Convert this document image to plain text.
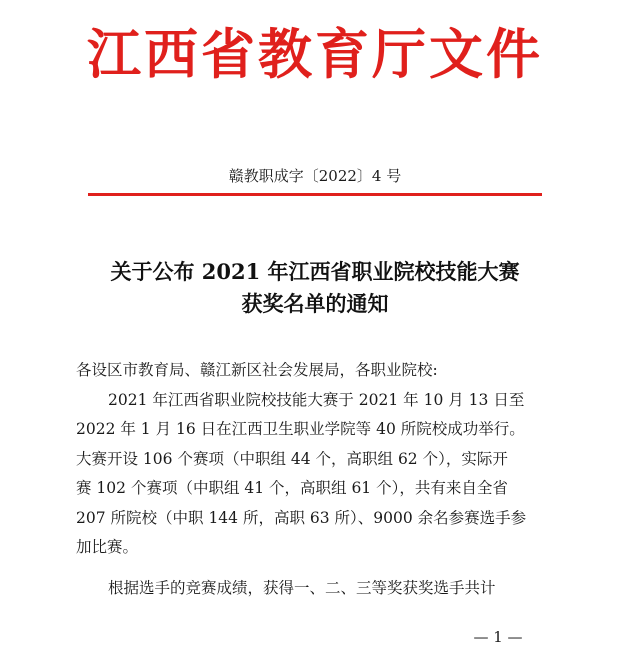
江西省教育厅文件
赣教职成字〔2022〕4 号
关于公布 2021 年江西省职业院校技能大赛
获奖名单的通知

各设区市教育局、赣江新区社会发展局，各职业院校:

2021 年江西省职业院校技能大赛于 2021 年 10 月 13 日至

2022 年 1 月 16 日在江西卫生职业学院等 40 所院校成功举行。

大赛开设 106 个赛项（中职组 44 个，高职组 62 个），实际开

赛 102 个赛项（中职组 41 个，高职组 61 个），共有来自全省

207 所院校（中职 144 所，高职 63 所）、9000 余名参赛选手参

加比赛。

根据选手的竞赛成绩，获得一、二、三等奖获奖选手共计

— 1 —
